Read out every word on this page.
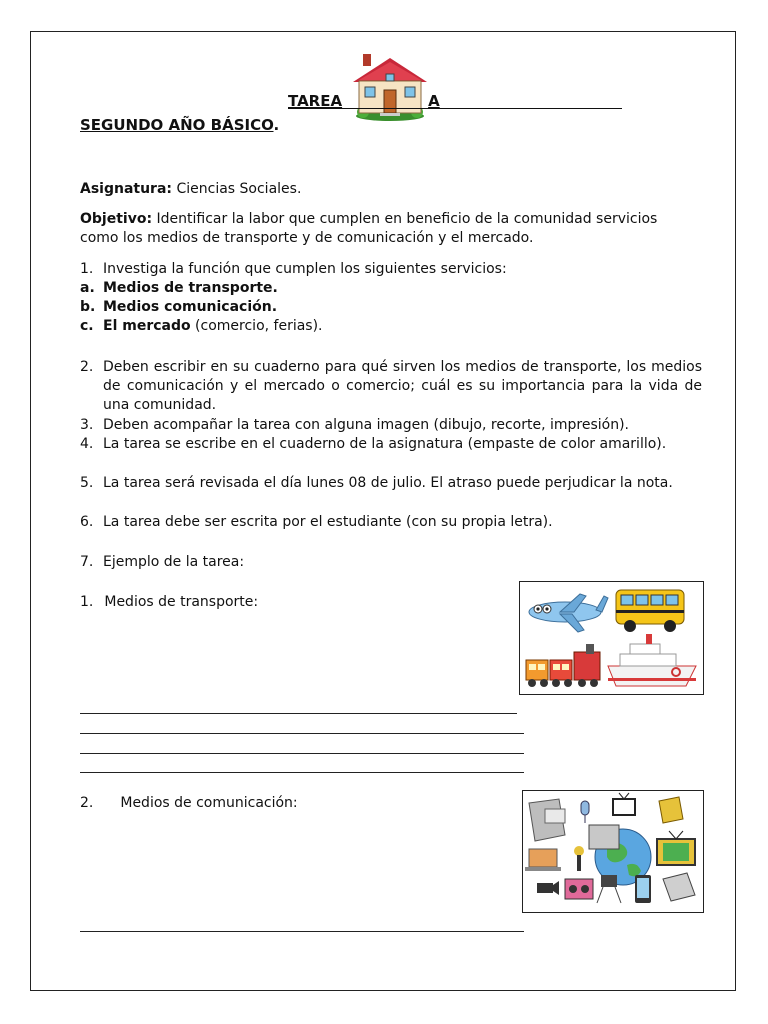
TAREA	A
SEGUNDO AÑO BÁSICO.
Asignatura: Ciencias Sociales.
Objetivo: Identificar la labor que cumplen en beneficio de la comunidad servicios
como los medios de transporte y de comunicación y el mercado.
1. Investiga la función que cumplen los siguientes servicios:
a. Medios de transporte.
b. Medios comunicación.
c. El mercado (comercio, ferias).
2. Deben escribir en su cuaderno para qué sirven los medios de transporte, los medios de comunicación y el mercado o comercio; cuál es su importancia para la vida de una comunidad.
3. Deben acompañar la tarea con alguna imagen (dibujo, recorte, impresión).
4. La tarea se escribe en el cuaderno de la asignatura (empaste de color amarillo).
5. La tarea será revisada el día lunes 08 de julio. El atraso puede perjudicar la nota.
6. La tarea debe ser escrita por el estudiante (con su propia letra).
7. Ejemplo de la tarea:
1. Medios de transporte:
2. Medios de comunicación:
